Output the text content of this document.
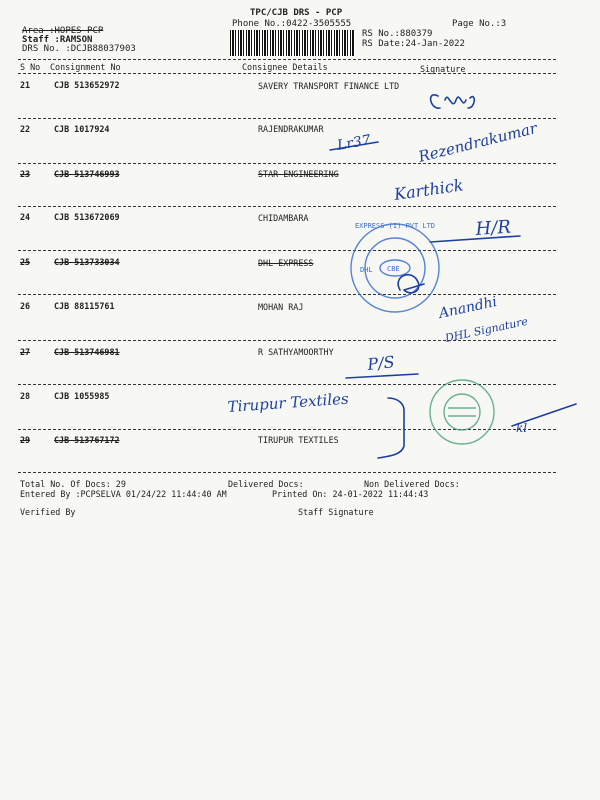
Area :HOPES PCP
Staff :RAMSON
DRS No. :DCJB88037903
TPC/CJB DRS - PCP
Phone No.:0422-3505555
RS No.:880379
RS Date:24-Jan-2022
Page No.:3
S No Consignment No	Consignee Details	Signature
21	CJB 513652972	SAVERY TRANSPORT FINANCE LTD
22	CJB 1017924	RAJENDRAKUMAR
23	CJB 513746993	STAR ENGINEERING
24	CJB 513672069	CHIDAMBARA
25	CJB 513733034	DHL EXPRESS
26	CJB 88115761	MOHAN RAJ
27	CJB 513746981	R SATHYAMOORTHY
28	CJB 1055985
29	CJB 513767172	TIRUPUR TEXTILES
Total No. Of Docs: 29	Delivered Docs:	Non Delivered Docs:
Entered By :PCPSELVA 01/24/22 11:44:40 AM	Printed On: 24-01-2022 11:44:43
Verified By	Staff Signature
Lr37	Rezendrakumar
Karthick
H/R
EXPRESS (I) PVT LTD
DHL CBE
Anandhi
DHL Signature
P/S
Tirupur Textiles
kl
